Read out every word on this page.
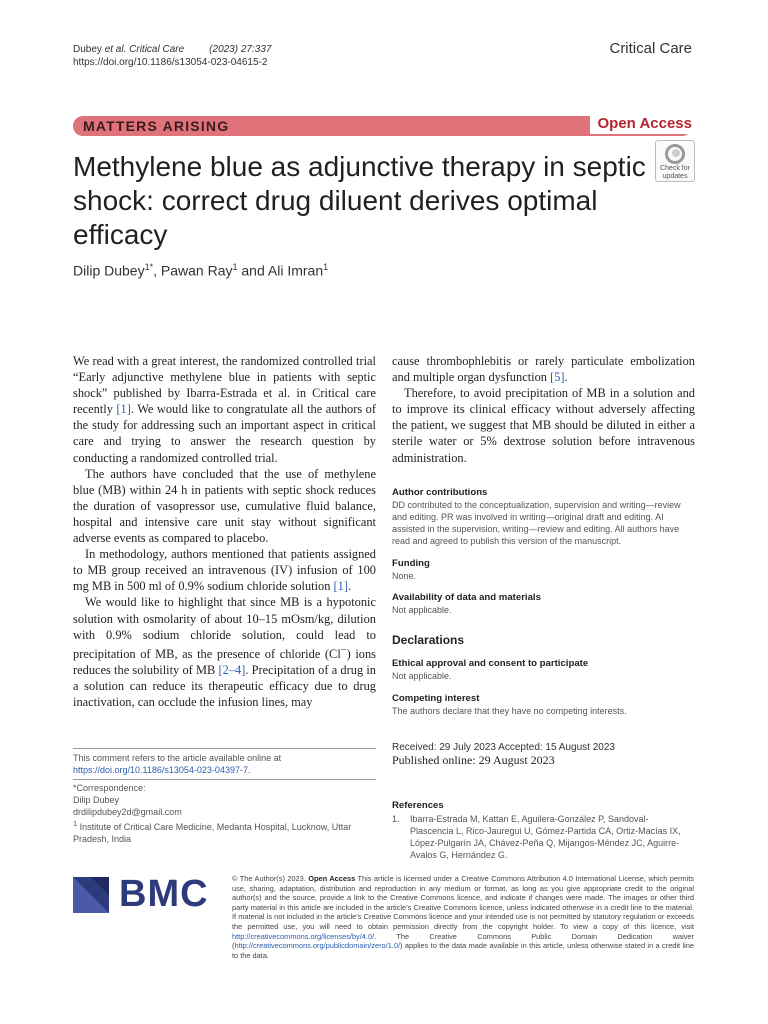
Dubey et al. Critical Care	(2023) 27:337
https://doi.org/10.1186/s13054-023-04615-2
Critical Care
MATTERS ARISING	Open Access
Methylene blue as adjunctive therapy in septic shock: correct drug diluent derives optimal efficacy
Check for
updates
Dilip Dubey$^{1*}$, Pawan Ray$^1$ and Ali Imran$^1$

We read with a great interest, the randomized controlled trial “Early adjunctive methylene blue in patients with septic shock” published by Ibarra-Estrada et al. in Critical care recently [1]. We would like to congratulate all the authors of the study for addressing such an important aspect in critical care and trying to answer the research question by conducting a randomized controlled trial.

The authors have concluded that the use of methylene blue (MB) within 24 h in patients with septic shock reduces the duration of vasopressor use, cumulative fluid balance, hospital and intensive care unit stay without significant adverse events as compared to placebo.

In methodology, authors mentioned that patients assigned to MB group received an intravenous (IV) infusion of 100 mg MB in 500 ml of 0.9% sodium chloride solution [1].

We would like to highlight that since MB is a hypotonic solution with osmolarity of about 10–15 mOsm/kg, dilution with 0.9% sodium chloride solution, could lead to precipitation of MB, as the presence of chloride (Cl−) ions reduces the solubility of MB [2–4]. Precipitation of a drug in a solution can reduce its therapeutic efficacy due to drug inactivation, can occlude the infusion lines, may

cause thrombophlebitis or rarely particulate embolization and multiple organ dysfunction [5].

Therefore, to avoid precipitation of MB in a solution and to improve its clinical efficacy without adversely affecting the patient, we suggest that MB should be diluted in either a sterile water or 5% dextrose solution before intravenous administration.

Author contributions
DD contributed to the conceptualization, supervision and writing—review and editing. PR was involved in writing—original draft and editing. AI assisted in the supervision, writing—review and editing. All authors have read and agreed to publish this version of the manuscript.
Funding
None.
Availability of data and materials
Not applicable.
Declarations
Ethical approval and consent to participate
Not applicable.
Competing interest
The authors declare that they have no competing interests.
This comment refers to the article available online at https://doi.org/10.1186/s13054-023-04397-7.
*Correspondence:
Dilip Dubey
drdilipdubey2d@gmail.com
$^1$ Institute of Critical Care Medicine, Medanta Hospital, Lucknow, Uttar Pradesh, India
Received: 29 July 2023 Accepted: 15 August 2023
Published online: 29 August 2023
References
1. Ibarra-Estrada M, Kattan E, Aguilera-González P, Sandoval-Plascencia L, Rico-Jauregui U, Gómez-Partida CA, Ortiz-Macías IX, López-Pulgarín JA, Chávez-Peña Q, Mijangos-Méndez JC, Aguirre-Avalos G, Hernández G.
BMC	© The Author(s) 2023. Open Access This article is licensed under a Creative Commons Attribution 4.0 International License, which permits use, sharing, adaptation, distribution and reproduction in any medium or format, as long as you give appropriate credit to the original author(s) and the source, provide a link to the Creative Commons licence, and indicate if changes were made. The images or other third party material in this article are included in the article’s Creative Commons licence, unless indicated otherwise in a credit line to the material. If material is not included in the article’s Creative Commons licence and your intended use is not permitted by statutory regulation or exceeds the permitted use, you will need to obtain permission directly from the copyright holder. To view a copy of this licence, visit http://creativecommons.org/licenses/by/4.0/. The Creative Commons Public Domain Dedication waiver (http://creativecommons.org/publicdomain/zero/1.0/) applies to the data made available in this article, unless otherwise stated in a credit line to the data.
